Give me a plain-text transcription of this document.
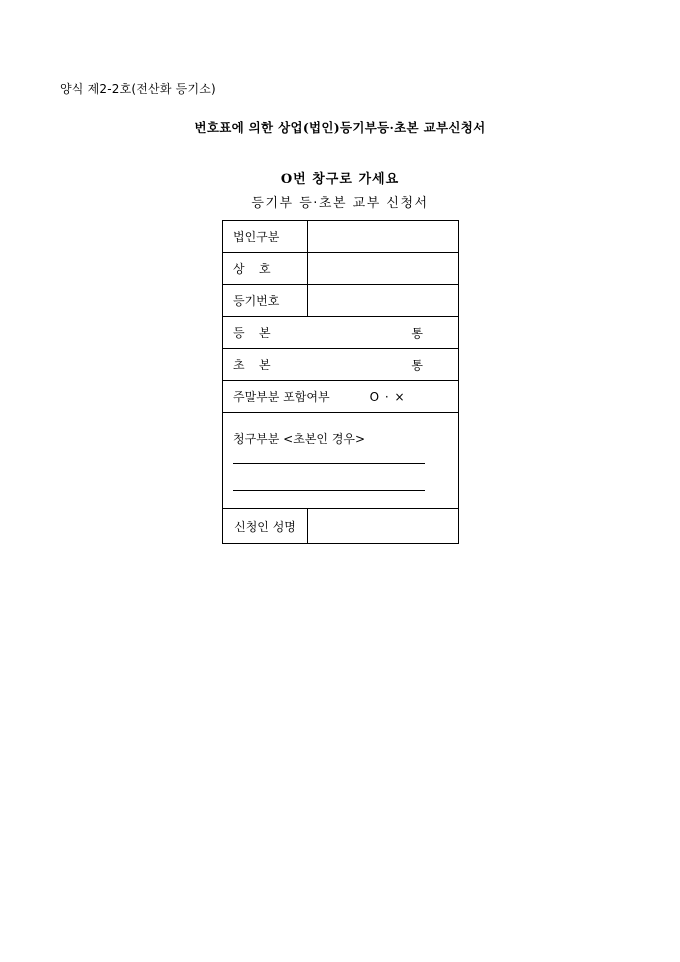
양식 제2-2호(전산화 등기소)
번호표에 의한 상업(법인)등기부등·초본 교부신청서
O번 창구로 가세요
등기부 등·초본 교부 신청서
법인구분	
상 호	
등기번호	
등 본 통	

초 본 통	

주말부분 포함여부 O · ×	

청구부분 <초본인 경우>	

신청인 성명	
